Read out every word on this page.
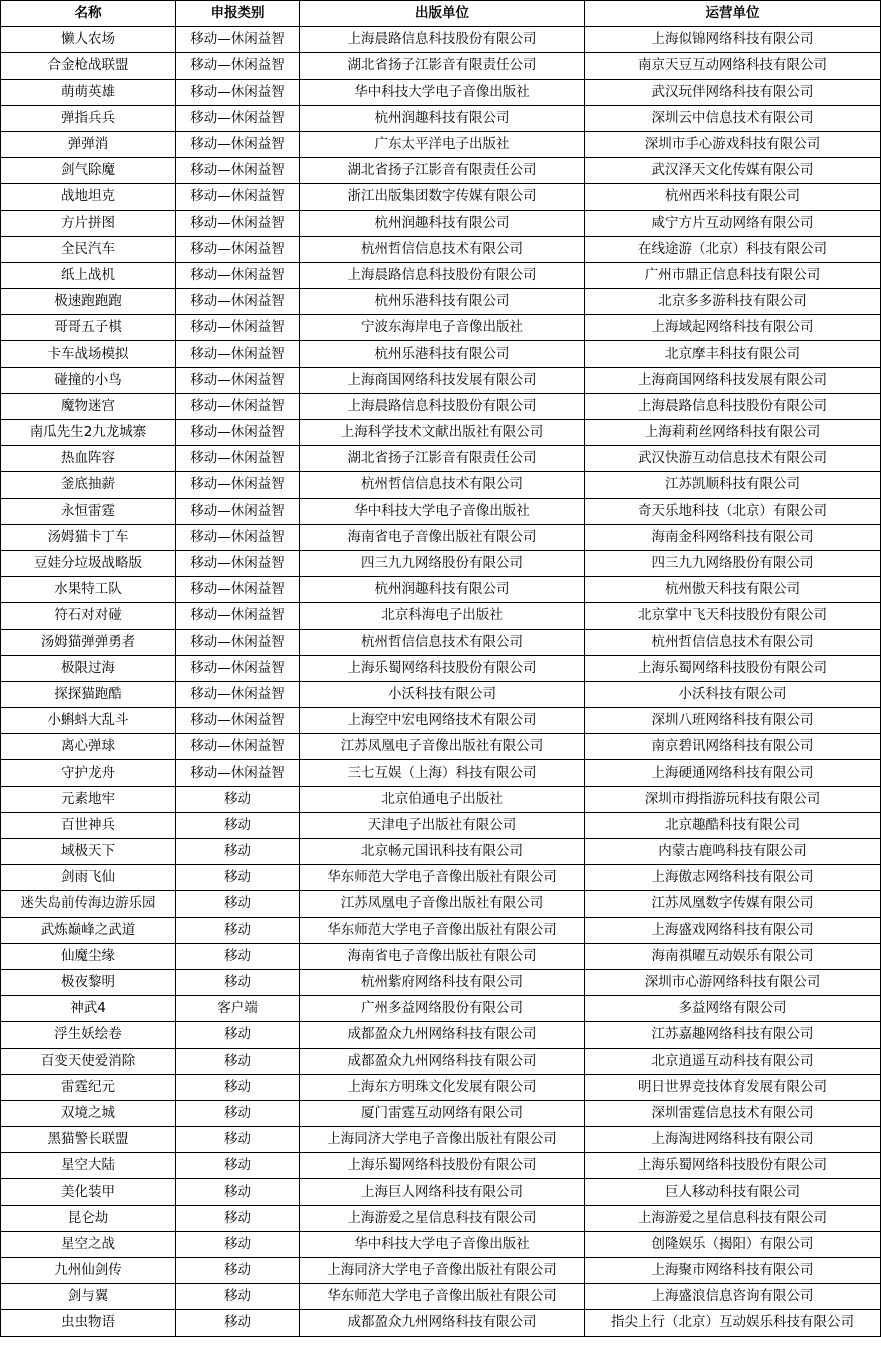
名称	申报类别	出版单位	运营单位
懒人农场	移动—休闲益智	上海晨路信息科技股份有限公司	上海似锦网络科技有限公司
合金枪战联盟	移动—休闲益智	湖北省扬子江影音有限责任公司	南京天豆互动网络科技有限公司
萌萌英雄	移动—休闲益智	华中科技大学电子音像出版社	武汉玩伴网络科技有限公司
弹指兵兵	移动—休闲益智	杭州润趣科技有限公司	深圳云中信息技术有限公司
弹弹消	移动—休闲益智	广东太平洋电子出版社	深圳市手心游戏科技有限公司
剑气除魔	移动—休闲益智	湖北省扬子江影音有限责任公司	武汉泽天文化传媒有限公司
战地坦克	移动—休闲益智	浙江出版集团数字传媒有限公司	杭州西米科技有限公司
方片拼图	移动—休闲益智	杭州润趣科技有限公司	咸宁方片互动网络有限公司
全民汽车	移动—休闲益智	杭州哲信信息技术有限公司	在线途游（北京）科技有限公司
纸上战机	移动—休闲益智	上海晨路信息科技股份有限公司	广州市鼎正信息科技有限公司
极速跑跑跑	移动—休闲益智	杭州乐港科技有限公司	北京多多游科技有限公司
哥哥五子棋	移动—休闲益智	宁波东海岸电子音像出版社	上海域起网络科技有限公司
卡车战场模拟	移动—休闲益智	杭州乐港科技有限公司	北京摩丰科技有限公司
碰撞的小鸟	移动—休闲益智	上海商国网络科技发展有限公司	上海商国网络科技发展有限公司
魔物迷宫	移动—休闲益智	上海晨路信息科技股份有限公司	上海晨路信息科技股份有限公司
南瓜先生2九龙城寨	移动—休闲益智	上海科学技术文献出版社有限公司	上海莉莉丝网络科技有限公司
热血阵容	移动—休闲益智	湖北省扬子江影音有限责任公司	武汉快游互动信息技术有限公司
釜底抽薪	移动—休闲益智	杭州哲信信息技术有限公司	江苏凯顺科技有限公司
永恒雷霆	移动—休闲益智	华中科技大学电子音像出版社	奇天乐地科技（北京）有限公司
汤姆猫卡丁车	移动—休闲益智	海南省电子音像出版社有限公司	海南金科网络科技有限公司
豆娃分垃圾战略版	移动—休闲益智	四三九九网络股份有限公司	四三九九网络股份有限公司
水果特工队	移动—休闲益智	杭州润趣科技有限公司	杭州傲天科技有限公司
符石对对碰	移动—休闲益智	北京科海电子出版社	北京掌中飞天科技股份有限公司
汤姆猫弹弹勇者	移动—休闲益智	杭州哲信信息技术有限公司	杭州哲信信息技术有限公司
极限过海	移动—休闲益智	上海乐蜀网络科技股份有限公司	上海乐蜀网络科技股份有限公司
探探猫跑酷	移动—休闲益智	小沃科技有限公司	小沃科技有限公司
小蝌蚪大乱斗	移动—休闲益智	上海空中宏电网络技术有限公司	深圳八班网络科技有限公司
离心弹球	移动—休闲益智	江苏凤凰电子音像出版社有限公司	南京碧讯网络科技有限公司
守护龙舟	移动—休闲益智	三七互娱（上海）科技有限公司	上海硬通网络科技有限公司
元素地牢	移动	北京伯通电子出版社	深圳市拇指游玩科技有限公司
百世神兵	移动	天津电子出版社有限公司	北京趣酷科技有限公司
域极天下	移动	北京畅元国讯科技有限公司	内蒙古鹿鸣科技有限公司
剑雨飞仙	移动	华东师范大学电子音像出版社有限公司	上海傲志网络科技有限公司
迷失岛前传海边游乐园	移动	江苏凤凰电子音像出版社有限公司	江苏凤凰数字传媒有限公司
武炼巅峰之武道	移动	华东师范大学电子音像出版社有限公司	上海盛戏网络科技有限公司
仙魔尘缘	移动	海南省电子音像出版社有限公司	海南祺曜互动娱乐有限公司
极夜黎明	移动	杭州紫府网络科技有限公司	深圳市心游网络科技有限公司
神武4	客户端	广州多益网络股份有限公司	多益网络有限公司
浮生妖绘卷	移动	成都盈众九州网络科技有限公司	江苏嘉趣网络科技有限公司
百变天使爱消除	移动	成都盈众九州网络科技有限公司	北京逍遥互动科技有限公司
雷霆纪元	移动	上海东方明珠文化发展有限公司	明日世界竞技体育发展有限公司
双境之城	移动	厦门雷霆互动网络有限公司	深圳雷霆信息技术有限公司
黑猫警长联盟	移动	上海同济大学电子音像出版社有限公司	上海淘进网络科技有限公司
星空大陆	移动	上海乐蜀网络科技股份有限公司	上海乐蜀网络科技股份有限公司
美化装甲	移动	上海巨人网络科技有限公司	巨人移动科技有限公司
昆仑劫	移动	上海游爱之星信息科技有限公司	上海游爱之星信息科技有限公司
星空之战	移动	华中科技大学电子音像出版社	创隆娱乐（揭阳）有限公司
九州仙剑传	移动	上海同济大学电子音像出版社有限公司	上海聚市网络科技有限公司
剑与翼	移动	华东师范大学电子音像出版社有限公司	上海盛浪信息咨询有限公司
虫虫物语	移动	成都盈众九州网络科技有限公司	指尖上行（北京）互动娱乐科技有限公司
